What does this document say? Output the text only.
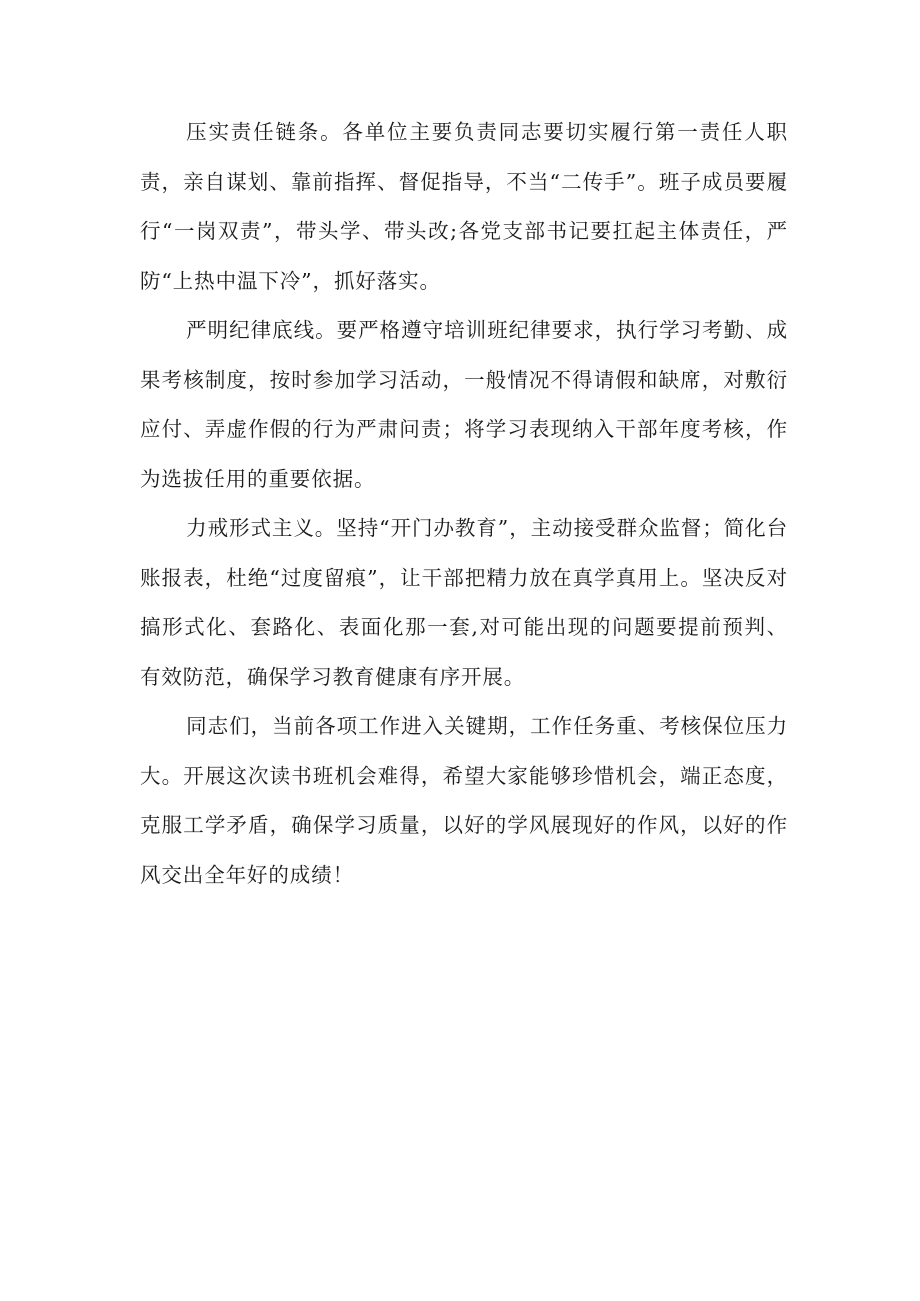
压实责任链条。各单位主要负责同志要切实履行第一责任人职责，亲自谋划、靠前指挥、督促指导，不当“二传手”。班子成员要履行“一岗双责”，带头学、带头改;各党支部书记要扛起主体责任，严防“上热中温下冷”，抓好落实。

严明纪律底线。要严格遵守培训班纪律要求，执行学习考勤、成果考核制度，按时参加学习活动，一般情况不得请假和缺席，对敷衍应付、弄虚作假的行为严肃问责；将学习表现纳入干部年度考核，作为选拔任用的重要依据。

力戒形式主义。坚持“开门办教育”，主动接受群众监督；简化台账报表，杜绝“过度留痕”，让干部把精力放在真学真用上。坚决反对搞形式化、套路化、表面化那一套,对可能出现的问题要提前预判、有效防范，确保学习教育健康有序开展。

同志们，当前各项工作进入关键期，工作任务重、考核保位压力大。开展这次读书班机会难得，希望大家能够珍惜机会，端正态度，克服工学矛盾，确保学习质量，以好的学风展现好的作风，以好的作风交出全年好的成绩！
